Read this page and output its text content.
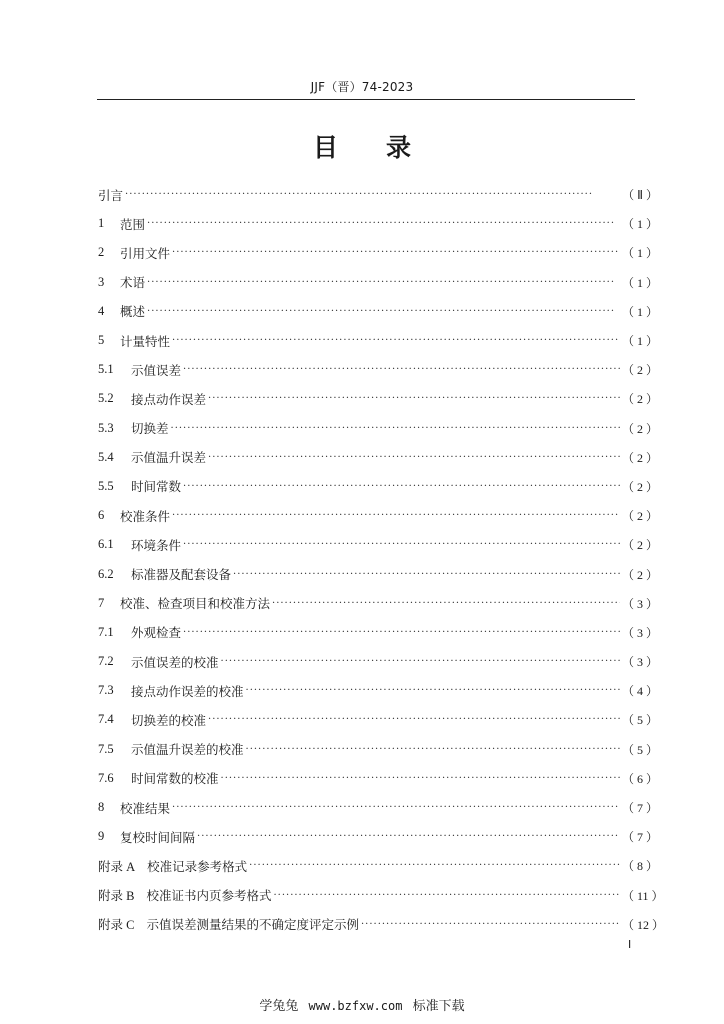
JJF（晋）74-2023
目 录
引言 ·····	（ Ⅱ ）
1	范围 ·····	（ 1 ）
2	引用文件 ·····	（ 1 ）
3	术语 ·····	（ 1 ）
4	概述 ·····	（ 1 ）
5	计量特性 ·····	（ 1 ）
5.1	示值误差 ·····	（ 2 ）
5.2	接点动作误差 ·····	（ 2 ）
5.3	切换差 ·····	（ 2 ）
5.4	示值温升误差 ·····	（ 2 ）
5.5	时间常数 ·····	（ 2 ）
6	校准条件 ·····	（ 2 ）
6.1	环境条件 ·····	（ 2 ）
6.2	标准器及配套设备 ·····	（ 2 ）
7	校准、检查项目和校准方法 ·····	（ 3 ）
7.1	外观检查 ·····	（ 3 ）
7.2	示值误差的校准 ·····	（ 3 ）
7.3	接点动作误差的校准 ·····	（ 4 ）
7.4	切换差的校准 ·····	（ 5 ）
7.5	示值温升误差的校准 ·····	（ 5 ）
7.6	时间常数的校准 ·····	（ 6 ）
8	校准结果 ·····	（ 7 ）
9	复校时间间隔 ·····	（ 7 ）
附录 A 校准记录参考格式 ·····	（ 8 ）
附录 B 校准证书内页参考格式 ·····	（ 11 ）
附录 C 示值误差测量结果的不确定度评定示例 ·····	（ 12 ）
Ⅰ
学兔兔 www.bzfxw.com 标准下载
